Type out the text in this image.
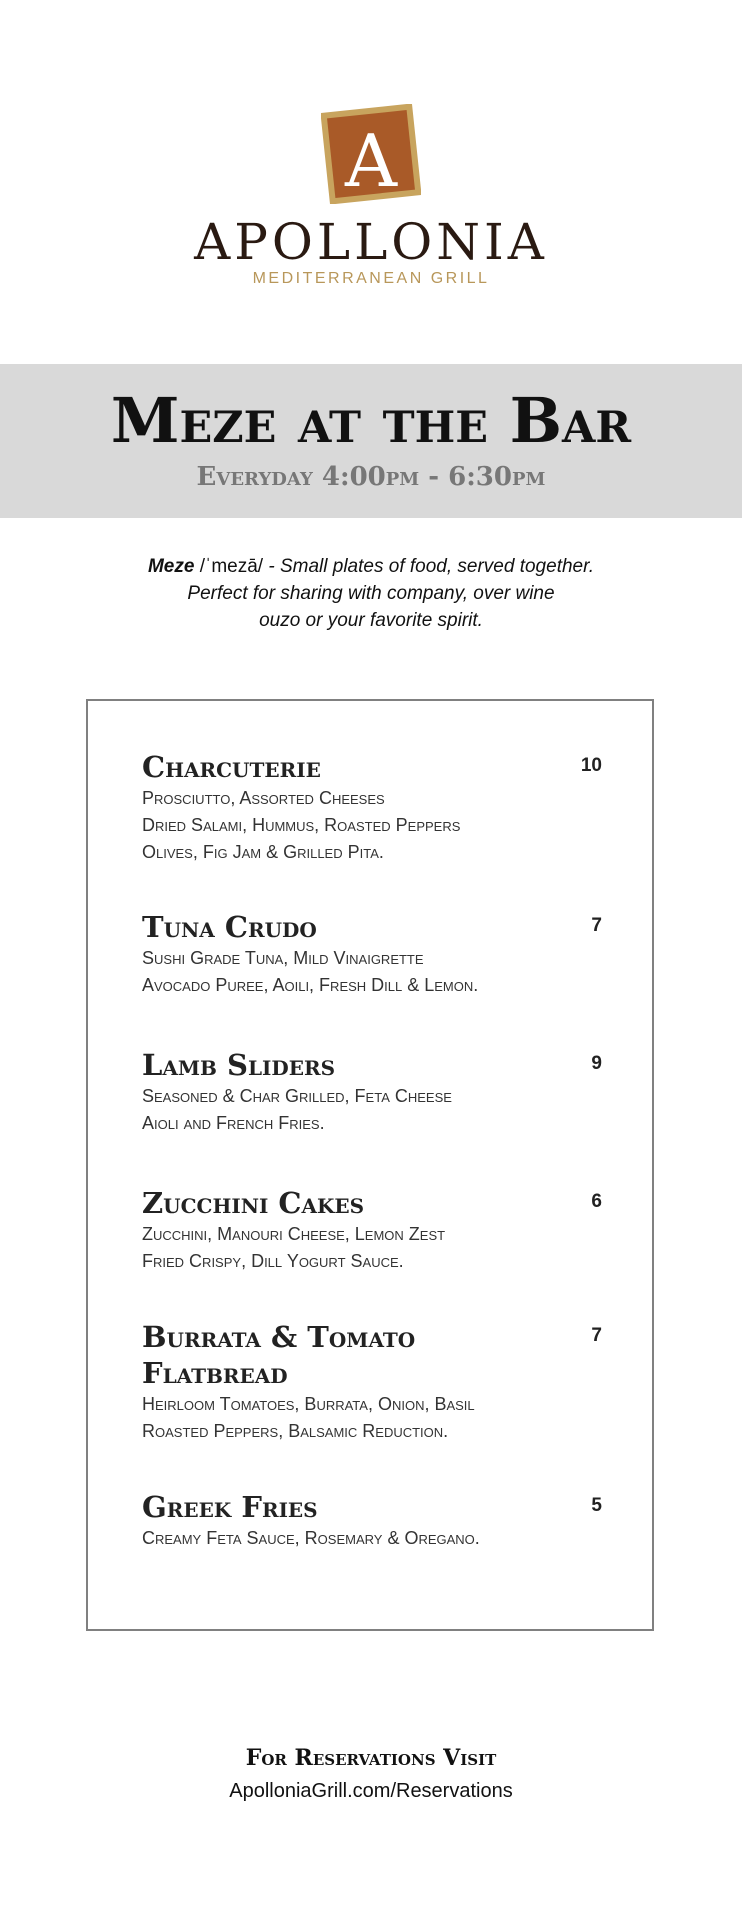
A
APOLLONIA
MEDITERRANEAN GRILL
Meze at the Bar
Everyday 4:00pm - 6:30pm
Meze /ˈmezā/ - Small plates of food, served together.
Perfect for sharing with company, over wine
ouzo or your favorite spirit.
Charcuterie	10
Prosciutto, Assorted Cheeses
Dried Salami, Hummus, Roasted Peppers
Olives, Fig Jam & Grilled Pita.
Tuna Crudo	7
Sushi Grade Tuna, Mild Vinaigrette
Avocado Puree, Aoili, Fresh Dill & Lemon.
Lamb Sliders	9
Seasoned & Char Grilled, Feta Cheese
Aioli and French Fries.
Zucchini Cakes	6
Zucchini, Manouri Cheese, Lemon Zest
Fried Crispy, Dill Yogurt Sauce.
Burrata & Tomato Flatbread
7
Heirloom Tomatoes, Burrata, Onion, Basil
Roasted Peppers, Balsamic Reduction.
Greek Fries	5
Creamy Feta Sauce, Rosemary & Oregano.
For Reservations Visit
ApolloniaGrill.com/Reservations
